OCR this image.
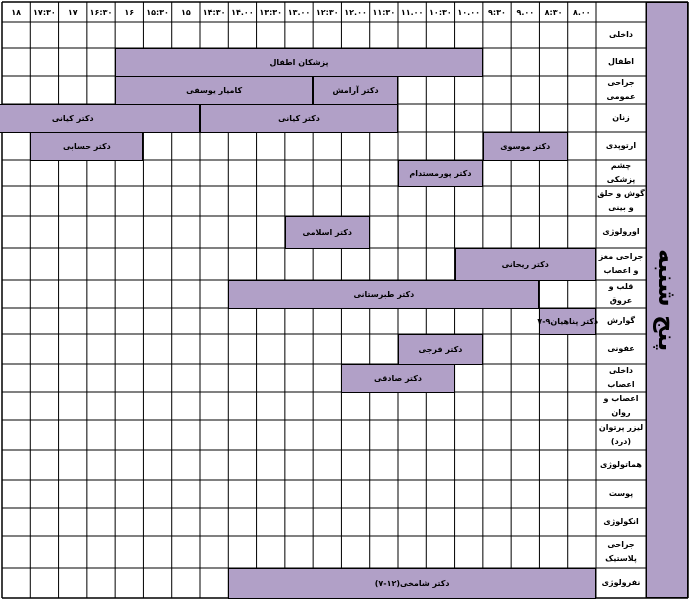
۸.۰۰
۸:۳۰
۹.۰۰
۹:۳۰
۱۰.۰۰
۱۰:۳۰
۱۱.۰۰
۱۱:۳۰
۱۲.۰۰
۱۲:۳۰
۱۳.۰۰
۱۳:۳۰
۱۴.۰۰
۱۴:۳۰
۱۵
۱۵:۳۰
۱۶
۱۶:۳۰
۱۷
۱۷:۳۰
۱۸
داخلی
اطفال
جراحی عمومی
زنان
ارتوپدی
چشم پزشکی
گوش و حلق و بینی
اورولوژی
جراحی مغز و اعصاب
قلب و عروق
گوارش
عفونی
داخلی اعصاب
اعصاب و روان
لیزر پرتوان (درد)
هماتولوژی
پوست
انکولوژی
جراحی پلاستیک
نفرولوژی
پزشکان اطفال
دکتر آرامش
کامیار یوسفی
دکتر کیانی
دکتر کیانی
دکتر موسوی
دکتر حسابی
دکتر پورمستدام
دکتر اسلامی
دکتر ریحانی
دکتر طبرستانی
دکتر پناهیان۹-۷
دکتر فرجی
دکتر صادقی
دکتر شامخی(۱۲-۷)
پنج شنبه
